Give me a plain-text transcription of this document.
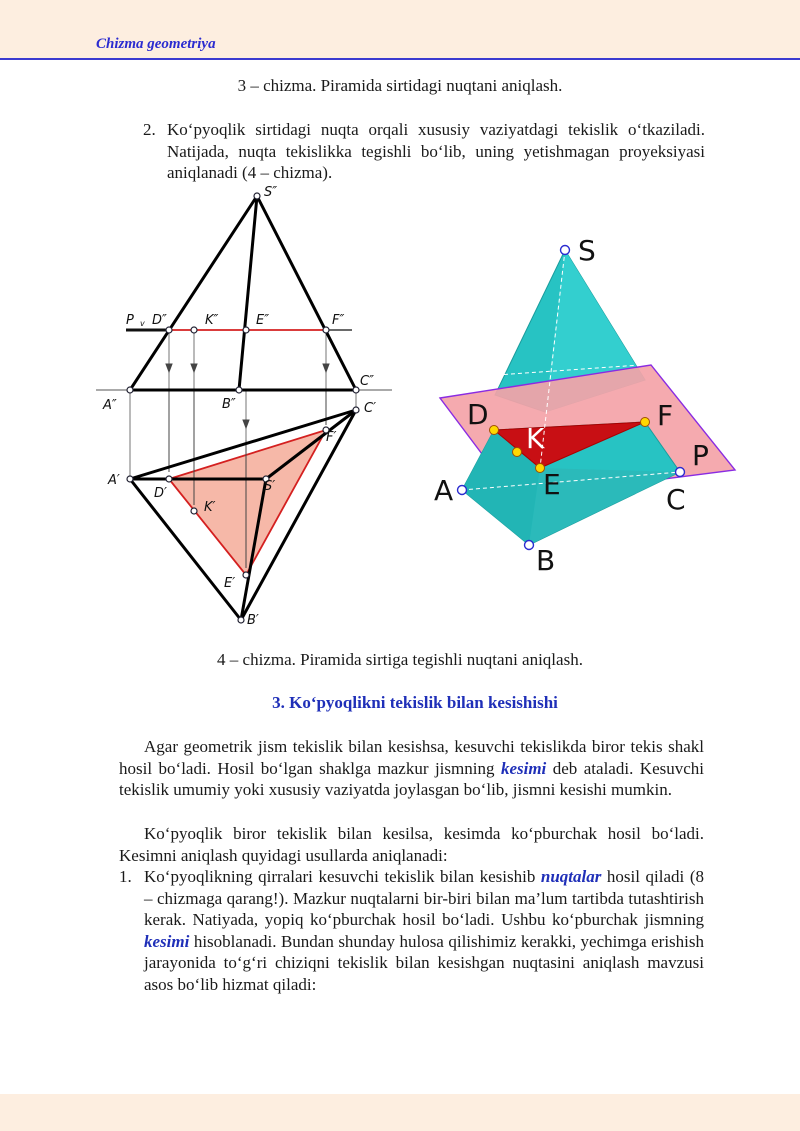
Chizma geometriya
3 – chizma. Piramida sirtidagi nuqtani aniqlash.
2. Ko‘pyoqlik sirtidagi nuqta orqali xususiy vaziyatdagi tekislik o‘tkaziladi. Natijada, nuqta tekislikka tegishli bo‘lib, uning yetishmagan proyeksiyasi aniqlanadi (4 – chizma).
S″
P v D″	K″	E″	F″
A″	B″
C″
C′
F′
A′
D′	S′
K′
E′
B′
S
D
K
F
P
A	E	C
B
4 – chizma. Piramida sirtiga tegishli nuqtani aniqlash.
3. Ko‘pyoqlikni tekislik bilan kesishishi
Agar geometrik jism tekislik bilan kesishsa, kesuvchi tekislikda biror tekis shakl hosil bo‘ladi. Hosil bo‘lgan shaklga mazkur jismning kesimi deb ataladi. Kesuvchi tekislik umumiy yoki xususiy vaziyatda joylasgan bo‘lib, jismni kesishi mumkin.
Ko‘pyoqlik biror tekislik bilan kesilsa, kesimda ko‘pburchak hosil bo‘ladi. Kesimni aniqlash quyidagi usullarda aniqlanadi:
1. Ko‘pyoqlikning qirralari kesuvchi tekislik bilan kesishib nuqtalar hosil qiladi (8 – chizmaga qarang!). Mazkur nuqtalarni bir-biri bilan ma’lum tartibda tutashtirish kerak. Natiyada, yopiq ko‘pburchak hosil bo‘ladi. Ushbu ko‘pburchak jismning kesimi hisoblanadi. Bundan shunday hulosa qilishimiz kerakki, yechimga erishish jarayonida to‘g‘ri chiziqni tekislik bilan kesishgan nuqtasini aniqlash mavzusi asos bo‘lib hizmat qiladi:
